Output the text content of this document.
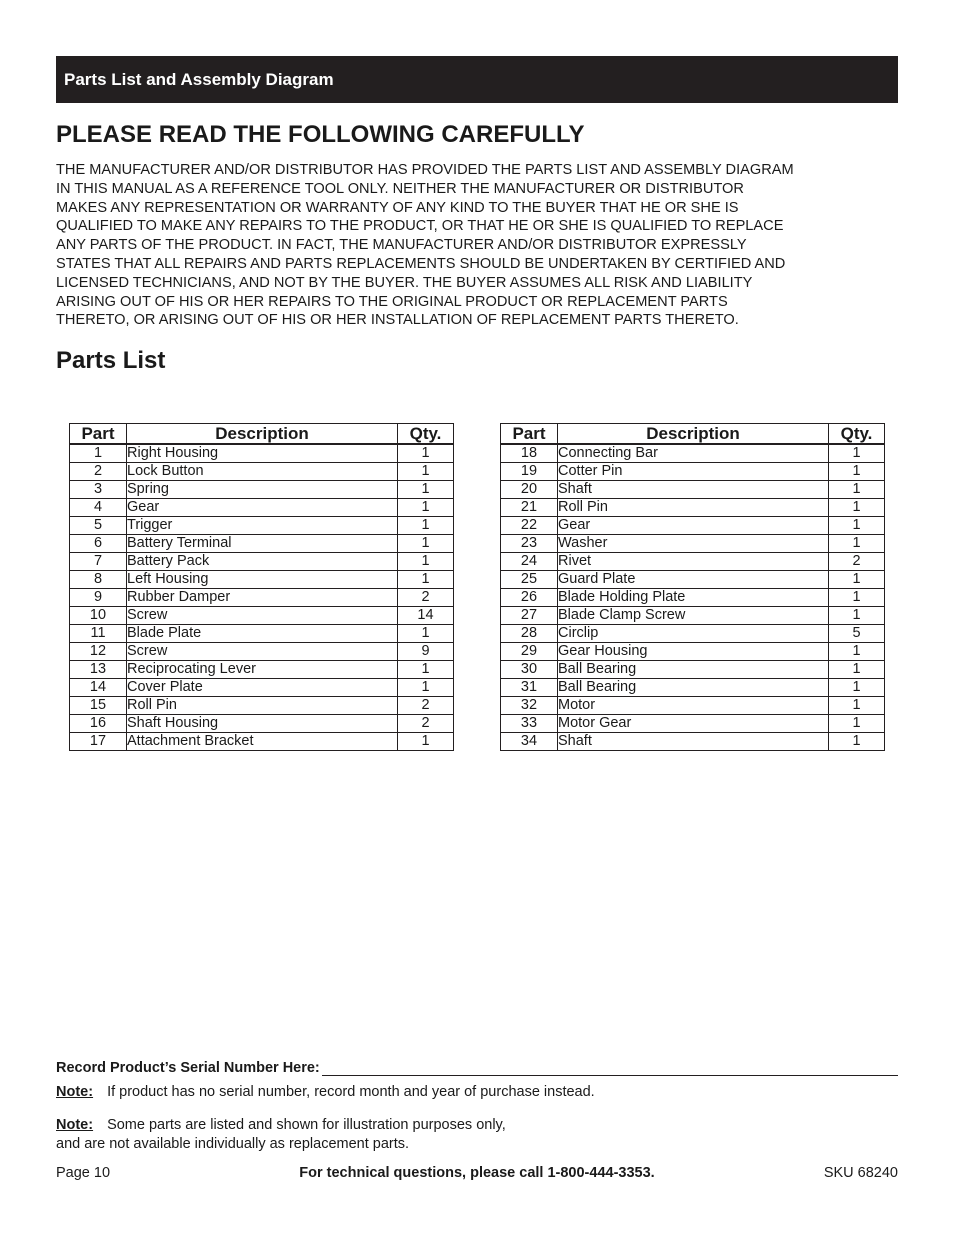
Parts List and Assembly Diagram
PLEASE READ THE FOLLOWING CAREFULLY
THE MANUFACTURER AND/OR DISTRIBUTOR HAS PROVIDED THE PARTS LIST AND ASSEMBLY DIAGRAM
IN THIS MANUAL AS A REFERENCE TOOL ONLY. NEITHER THE MANUFACTURER OR DISTRIBUTOR
MAKES ANY REPRESENTATION OR WARRANTY OF ANY KIND TO THE BUYER THAT HE OR SHE IS
QUALIFIED TO MAKE ANY REPAIRS TO THE PRODUCT, OR THAT HE OR SHE IS QUALIFIED TO REPLACE
ANY PARTS OF THE PRODUCT. IN FACT, THE MANUFACTURER AND/OR DISTRIBUTOR EXPRESSLY
STATES THAT ALL REPAIRS AND PARTS REPLACEMENTS SHOULD BE UNDERTAKEN BY CERTIFIED AND
LICENSED TECHNICIANS, AND NOT BY THE BUYER. THE BUYER ASSUMES ALL RISK AND LIABILITY
ARISING OUT OF HIS OR HER REPAIRS TO THE ORIGINAL PRODUCT OR REPLACEMENT PARTS
THERETO, OR ARISING OUT OF HIS OR HER INSTALLATION OF REPLACEMENT PARTS THERETO.
Parts List
Part	Description	Qty.
1	Right Housing	1
2	Lock Button	1
3	Spring	1
4	Gear	1
5	Trigger	1
6	Battery Terminal	1
7	Battery Pack	1
8	Left Housing	1
9	Rubber Damper	2
10	Screw	14
11	Blade Plate	1
12	Screw	9
13	Reciprocating Lever	1
14	Cover Plate	1
15	Roll Pin	2
16	Shaft Housing	2
17	Attachment Bracket	1
Part	Description	Qty.
18	Connecting Bar	1
19	Cotter Pin	1
20	Shaft	1
21	Roll Pin	1
22	Gear	1
23	Washer	1
24	Rivet	2
25	Guard Plate	1
26	Blade Holding Plate	1
27	Blade Clamp Screw	1
28	Circlip	5
29	Gear Housing	1
30	Ball Bearing	1
31	Ball Bearing	1
32	Motor	1
33	Motor Gear	1
34	Shaft	1
Record Product’s Serial Number Here:

Note: If product has no serial number, record month and year of purchase instead.

Note: Some parts are listed and shown for illustration purposes only,
and are not available individually as replacement parts.

Page 10	For technical questions, please call 1-800-444-3353.	SKU 68240
